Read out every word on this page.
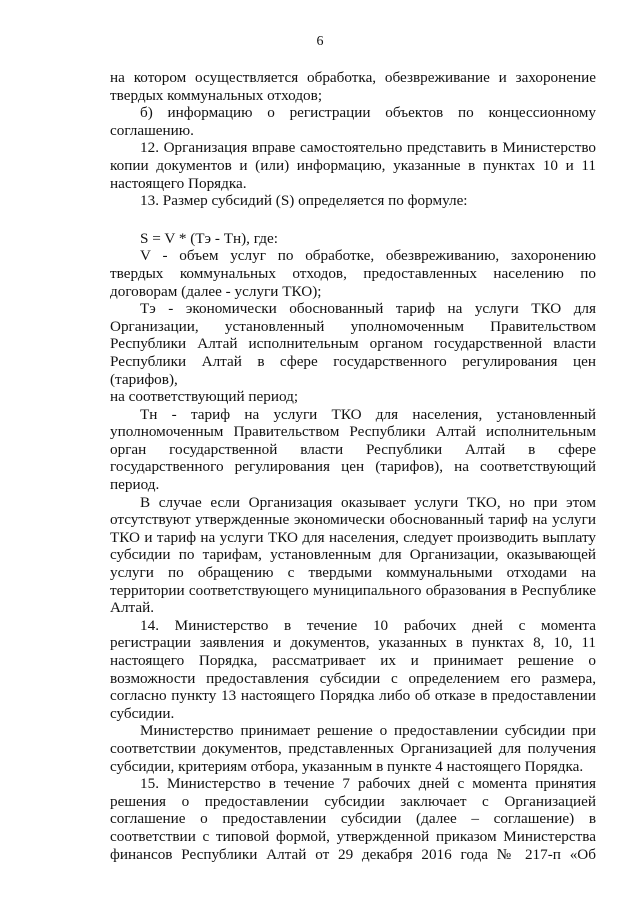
6
на котором осуществляется обработка, обезвреживание и захоронение
твердых коммунальных отходов;
б) информацию о регистрации объектов по концессионному
соглашению.
12. Организация вправе самостоятельно представить в Министерство
копии документов и (или) информацию, указанные в пунктах 10 и 11
настоящего Порядка.
13. Размер субсидий (S) определяется по формуле:
S = V * (Тэ - Тн), где:
V - объем услуг по обработке, обезвреживанию, захоронению
твердых коммунальных отходов, предоставленных населению по
договорам (далее - услуги ТКО);
Тэ - экономически обоснованный тариф на услуги ТКО для
Организации, установленный уполномоченным Правительством
Республики Алтай исполнительным органом государственной власти
Республики Алтай в сфере государственного регулирования цен (тарифов),
на соответствующий период;
Тн - тариф на услуги ТКО для населения, установленный
уполномоченным Правительством Республики Алтай исполнительным
орган государственной власти Республики Алтай в сфере
государственного регулирования цен (тарифов), на соответствующий
период.
В случае если Организация оказывает услуги ТКО, но при этом
отсутствуют утвержденные экономически обоснованный тариф на услуги
ТКО и тариф на услуги ТКО для населения, следует производить выплату
субсидии по тарифам, установленным для Организации, оказывающей
услуги по обращению с твердыми коммунальными отходами на
территории соответствующего муниципального образования в Республике
Алтай.
14. Министерство в течение 10 рабочих дней с момента
регистрации заявления и документов, указанных в пунктах 8, 10, 11
настоящего Порядка, рассматривает их и принимает решение о
возможности предоставления субсидии с определением его размера,
согласно пункту 13 настоящего Порядка либо об отказе в предоставлении
субсидии.
Министерство принимает решение о предоставлении субсидии при
соответствии документов, представленных Организацией для получения
субсидии, критериям отбора, указанным в пункте 4 настоящего Порядка.
15. Министерство в течение 7 рабочих дней с момента принятия
решения о предоставлении субсидии заключает с Организацией
соглашение о предоставлении субсидии (далее – соглашение) в
соответствии с типовой формой, утвержденной приказом Министерства
финансов Республики Алтай от 29 декабря 2016 года № 217-п «Об
